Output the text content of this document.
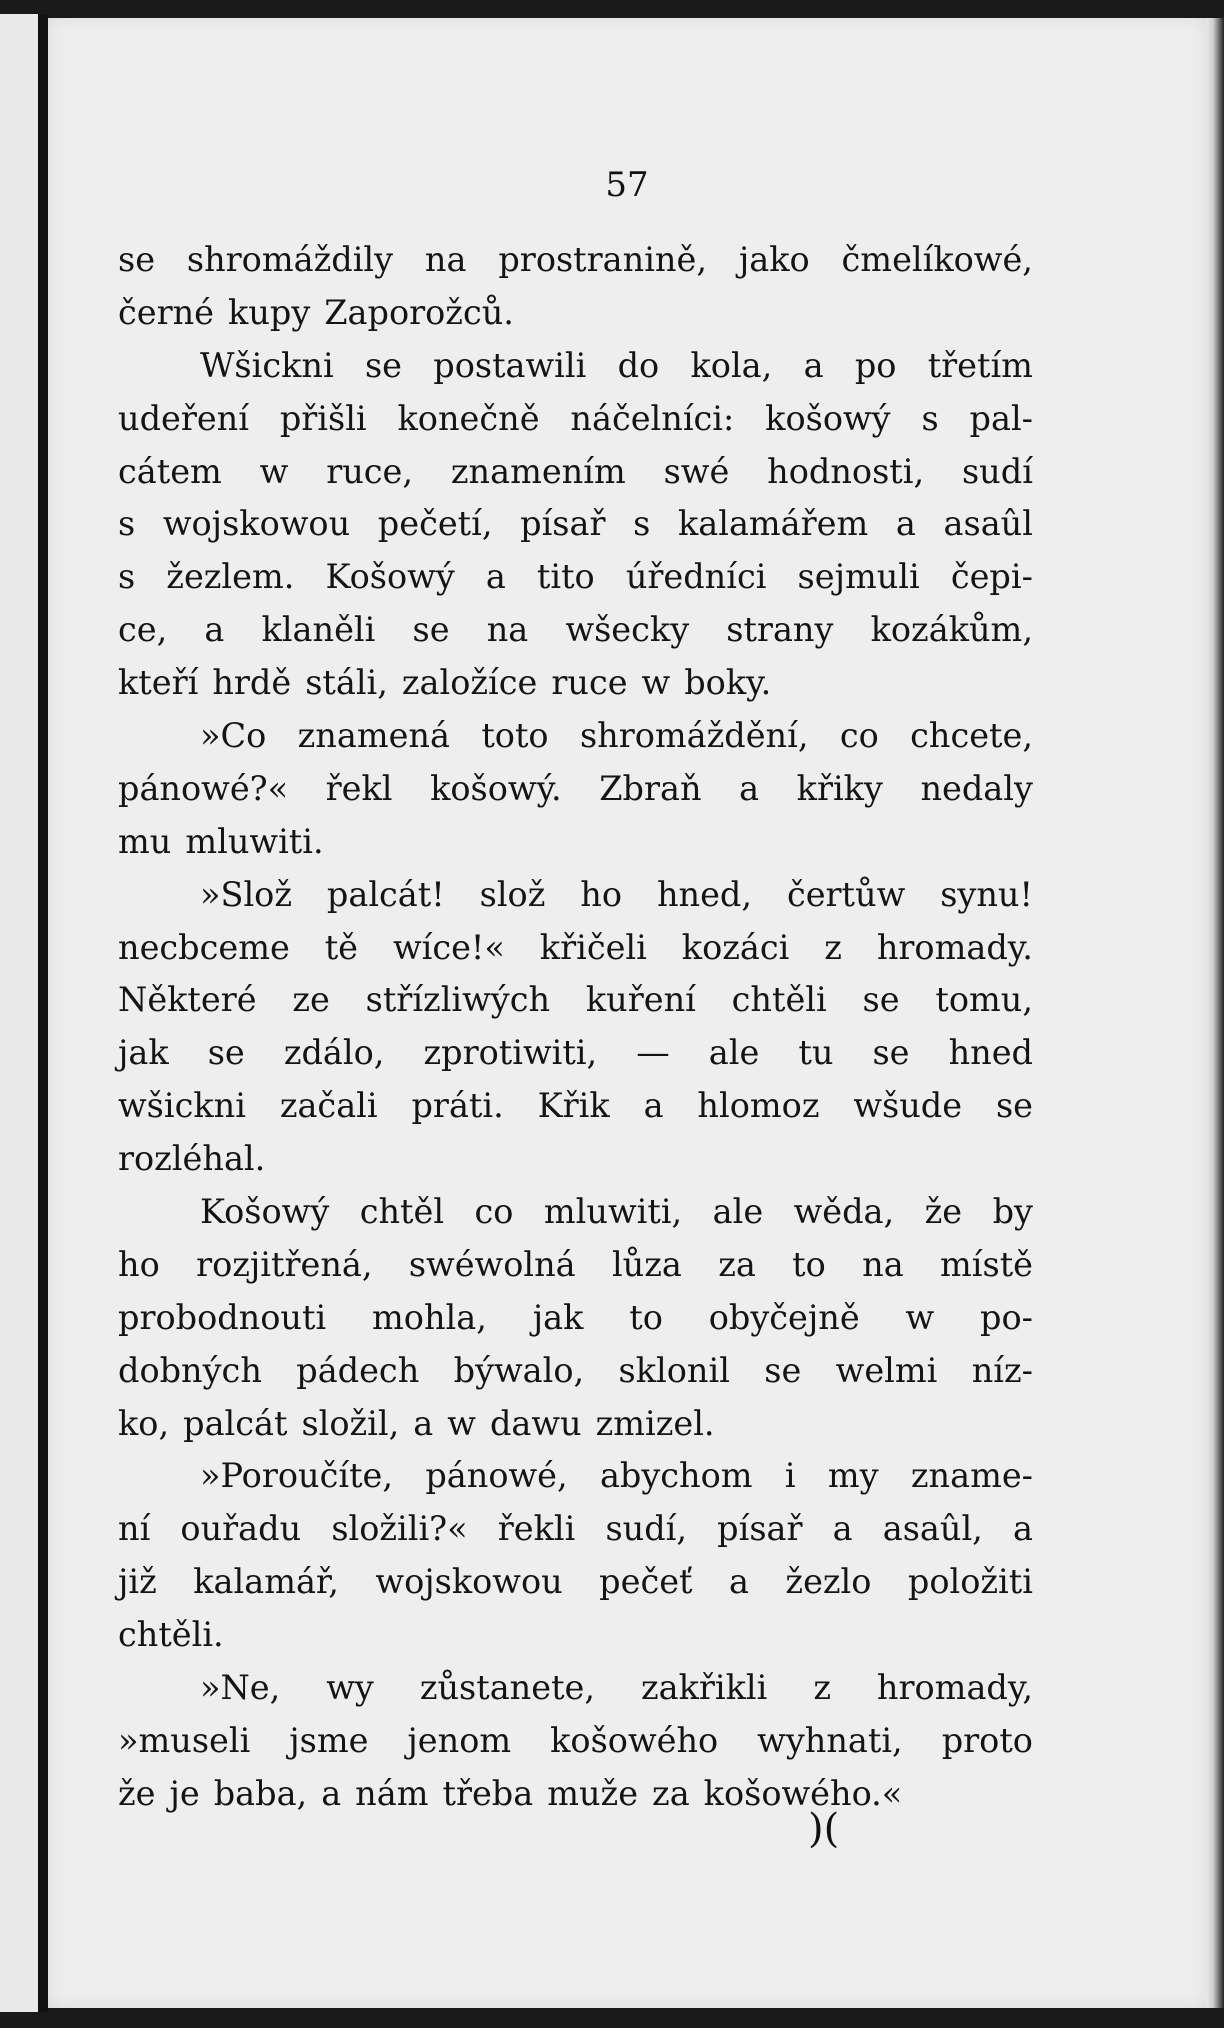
57
se shromáždily na prostranině, jako čmelíkowé,
černé kupy Zaporožců.
Wšickni se postawili do kola, a po třetím
udeření přišli konečně náčelníci: košowý s pal-
cátem w ruce, znamením swé hodnosti, sudí
s wojskowou pečetí, písař s kalamářem a asaûl
s žezlem. Košowý a tito úředníci sejmuli čepi-
ce, a klaněli se na wšecky strany kozákům,
kteří hrdě stáli, založíce ruce w boky.
»Co znamená toto shromáždění, co chcete,
pánowé?« řekl košowý. Zbraň a křiky nedaly
mu mluwiti.
»Slož palcát! slož ho hned, čertůw synu!
necbceme tě wíce!« křičeli kozáci z hromady.
Některé ze střízliwých kuření chtěli se tomu,
jak se zdálo, zprotiwiti, — ale tu se hned
wšickni začali práti. Křik a hlomoz wšude se
rozléhal.
Košowý chtěl co mluwiti, ale wěda, že by
ho rozjitřená, swéwolná lůza za to na místě
probodnouti mohla, jak to obyčejně w po-
dobných pádech býwalo, sklonil se welmi níz-
ko, palcát složil, a w dawu zmizel.
»Poroučíte, pánowé, abychom i my zname-
ní ouřadu složili?« řekli sudí, písař a asaûl, a
již kalamář, wojskowou pečeť a žezlo položiti
chtěli.
»Ne, wy zůstanete, zakřikli z hromady,
»museli jsme jenom košowého wyhnati, proto
že je baba, a nám třeba muže za košowého.«
)(
